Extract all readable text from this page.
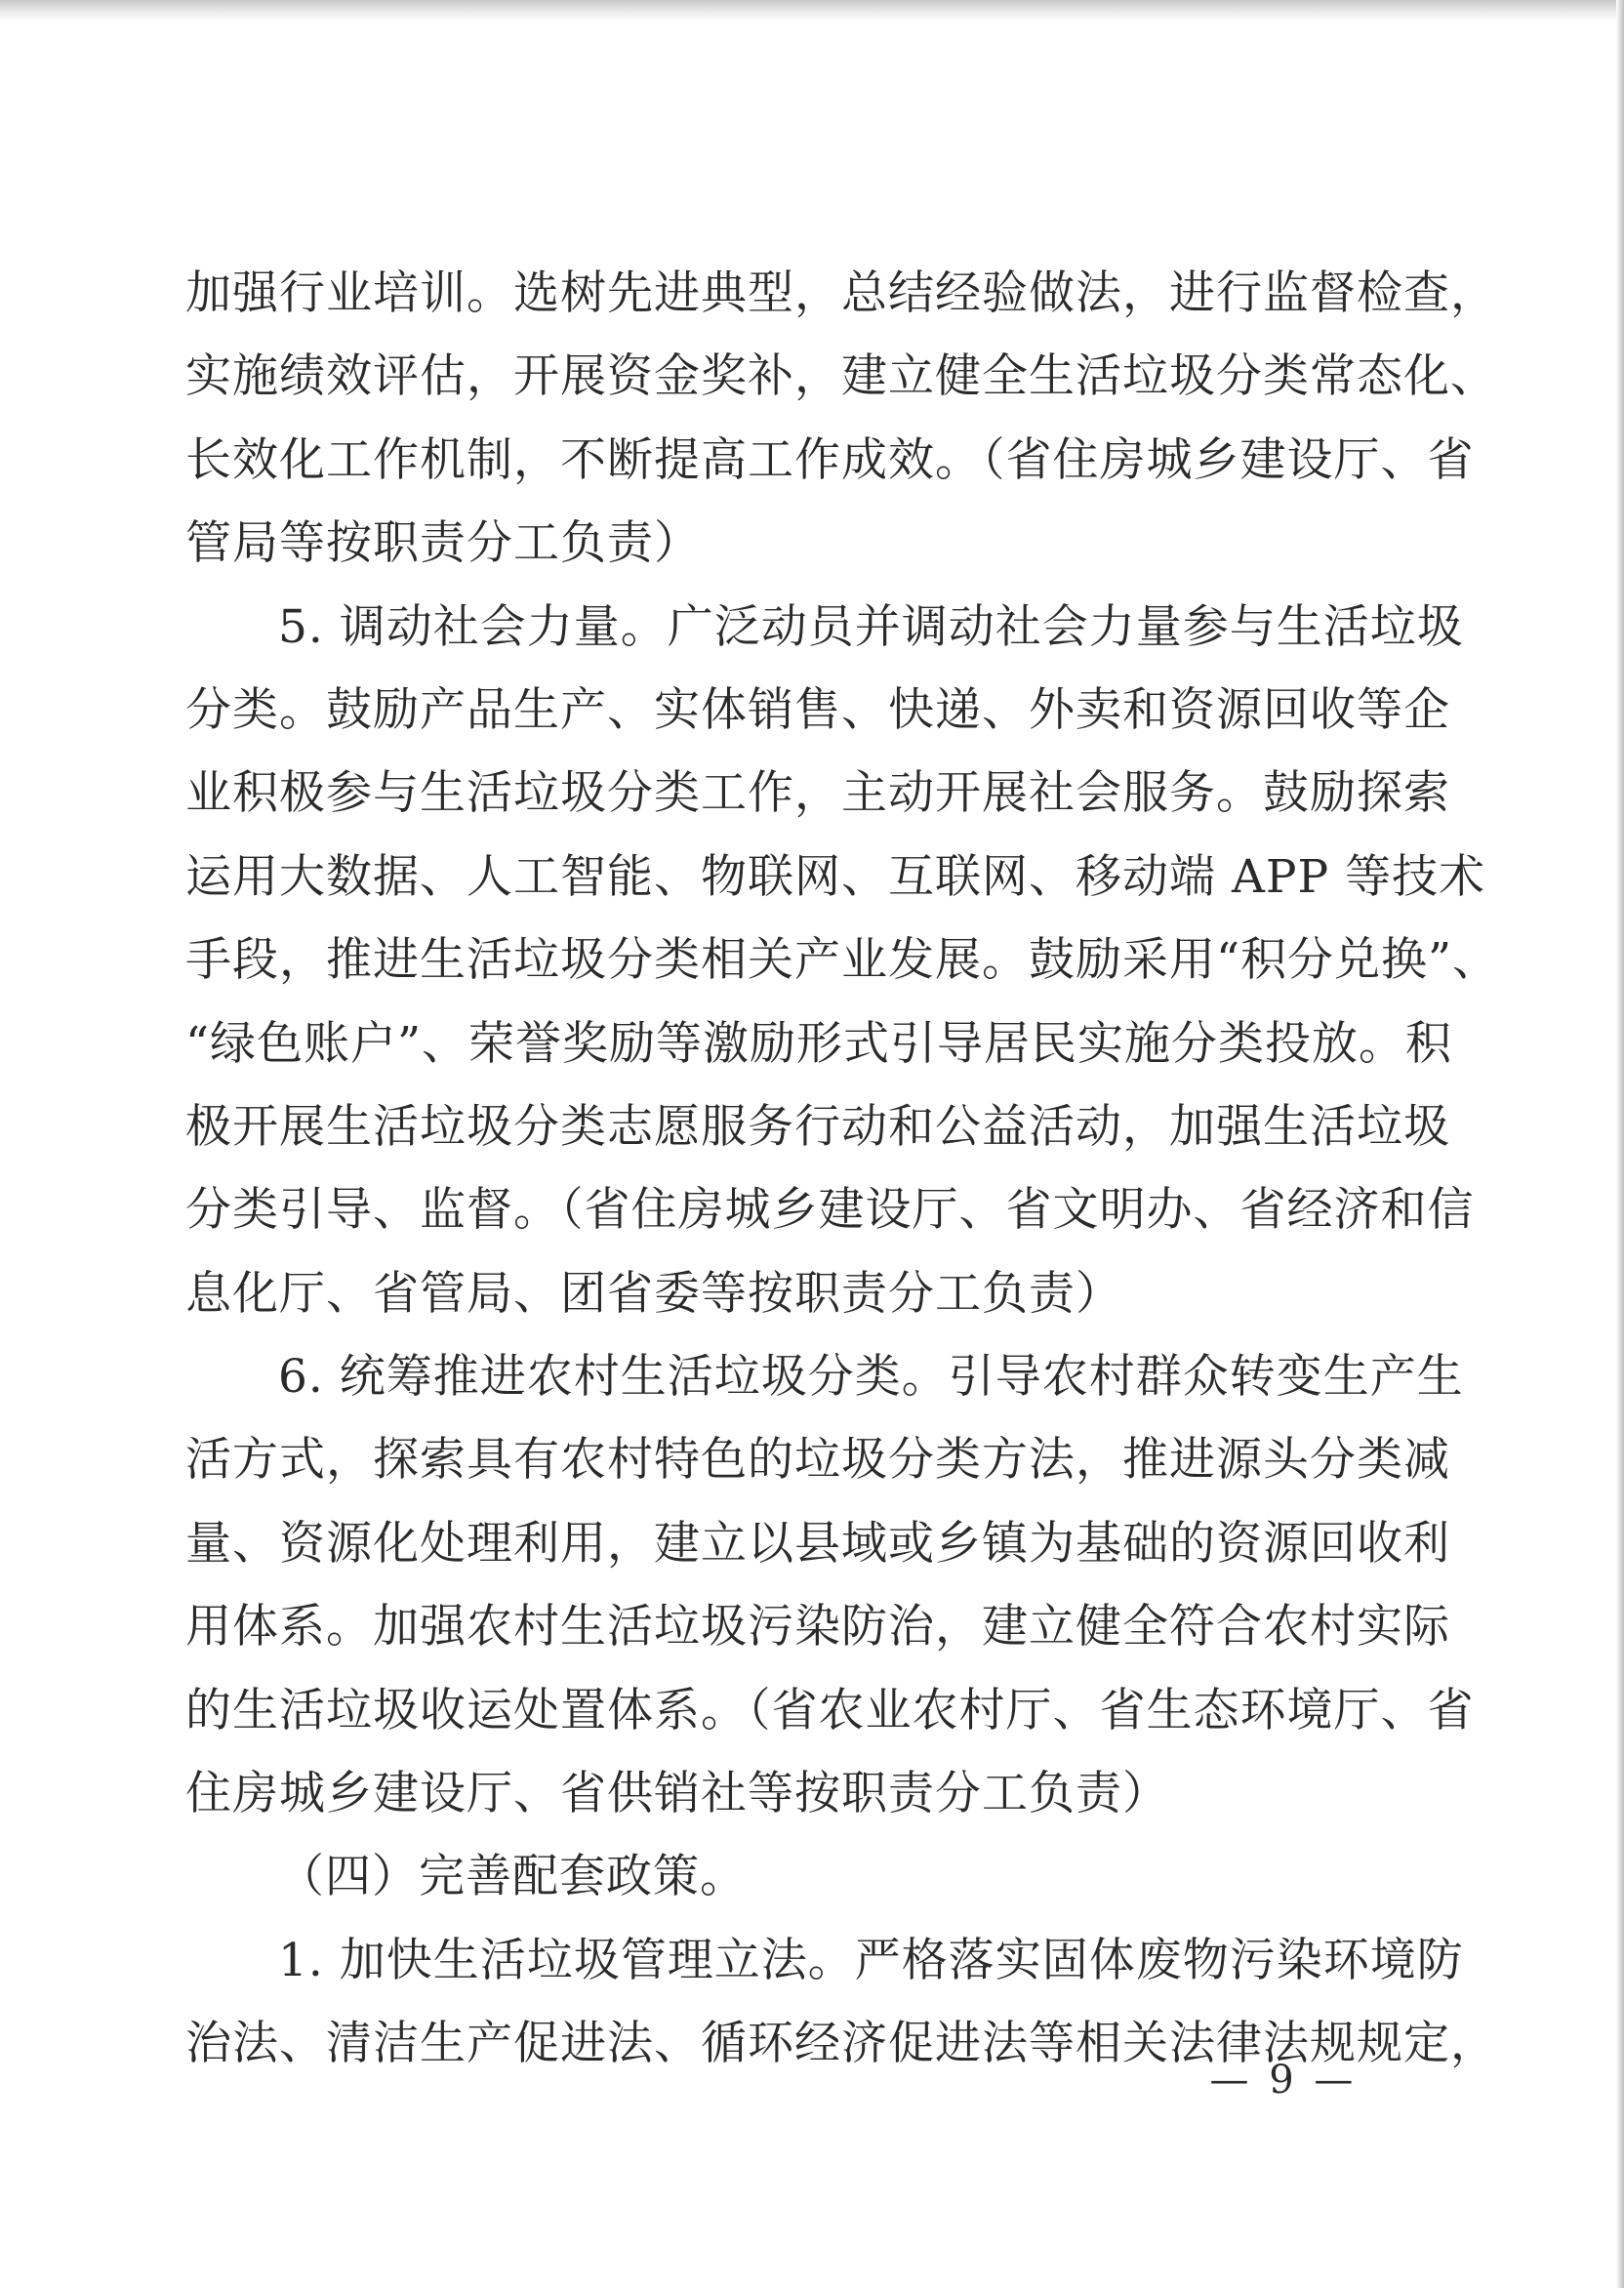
加强行业培训。选树先进典型，总结经验做法，进行监督检查，
实施绩效评估，开展资金奖补，建立健全生活垃圾分类常态化、
长效化工作机制，不断提高工作成效。（省住房城乡建设厅、省
管局等按职责分工负责）
5. 调动社会力量。广泛动员并调动社会力量参与生活垃圾
分类。鼓励产品生产、实体销售、快递、外卖和资源回收等企
业积极参与生活垃圾分类工作，主动开展社会服务。鼓励探索
运用大数据、人工智能、物联网、互联网、移动端 APP 等技术
手段，推进生活垃圾分类相关产业发展。鼓励采用“积分兑换”、
“绿色账户”、荣誉奖励等激励形式引导居民实施分类投放。积
极开展生活垃圾分类志愿服务行动和公益活动，加强生活垃圾
分类引导、监督。（省住房城乡建设厅、省文明办、省经济和信
息化厅、省管局、团省委等按职责分工负责）
6. 统筹推进农村生活垃圾分类。引导农村群众转变生产生
活方式，探索具有农村特色的垃圾分类方法，推进源头分类减
量、资源化处理利用，建立以县域或乡镇为基础的资源回收利
用体系。加强农村生活垃圾污染防治，建立健全符合农村实际
的生活垃圾收运处置体系。（省农业农村厅、省生态环境厅、省
住房城乡建设厅、省供销社等按职责分工负责）
（四）完善配套政策。
1. 加快生活垃圾管理立法。严格落实固体废物污染环境防
治法、清洁生产促进法、循环经济促进法等相关法律法规规定，
— 9 —
